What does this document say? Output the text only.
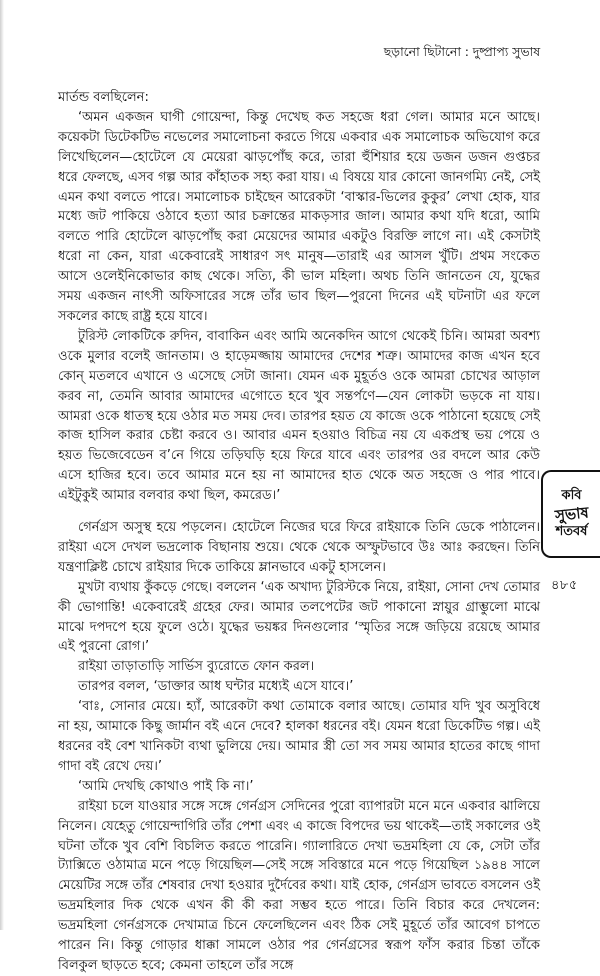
ছড়ানো ছিটানো : দুষ্প্রাপ্য সুভাষ

মার্তন্ড বলছিলেন:

‘অমন একজন ঘাগী গোয়েন্দা, কিন্তু দেখেছ কত সহজে ধরা গেল। আমার মনে আছে। কয়েকটা ডিটেকটিভ নভেলের সমালোচনা করতে গিয়ে একবার এক সমালোচক অভিযোগ করে লিখেছিলেন—হোটেলে যে মেয়েরা ঝাড়পোঁছ করে, তারা হুঁশিয়ার হয়ে ডজন ডজন গুপ্তচর ধরে ফেলছে, এসব গল্প আর কাঁহাতক সহ্য করা যায়। এ বিষয়ে যার কোনো জানগম্যি নেই, সেই এমন কথা বলতে পারে। সমালোচক চাইছেন আরেকটা ‘বাস্কার-ভিলের কুকুর’ লেখা হোক, যার মধ্যে জট পাকিয়ে ওঠাবে হত্যা আর চক্রান্তের মাকড়সার জাল। আমার কথা যদি ধরো, আমি বলতে পারি হোটেলে ঝাড়পোঁছ করা মেয়েদের আমার একটুও বিরক্তি লাগে না। এই কেসটাই ধরো না কেন, যারা একেবারেই সাধারণ সৎ মানুষ—তারাই এর আসল খুঁটি। প্রথম সংকেত আসে ওলেইনিকোভার কাছ থেকে। সত্যি, কী ভাল মহিলা। অথচ তিনি জানতেন যে, যুদ্ধের সময় একজন নাৎসী অফিসারের সঙ্গে তাঁর ভাব ছিল—পুরনো দিনের এই ঘটনাটা এর ফলে সকলের কাছে রাষ্ট্র হয়ে যাবে।

টুরিস্ট লোকটিকে রুদিন, বাবাকিন এবং আমি অনেকদিন আগে থেকেই চিনি। আমরা অবশ্য ওকে মুলার বলেই জানতাম। ও হাড়েমজ্জায় আমাদের দেশের শত্রু। আমাদের কাজ এখন হবে কোন্‌ মতলবে এখানে ও এসেছে সেটা জানা। যেমন এক মুহূর্তও ওকে আমরা চোখের আড়াল করব না, তেমনি আবার আমাদের এগোতে হবে খুব সন্তর্পণে—যেন লোকটা ভড়কে না যায়। আমরা ওকে ধাতস্থ হয়ে ওঠার মত সময় দেব। তারপর হয়ত যে কাজে ওকে পাঠানো হয়েছে সেই কাজ হাসিল করার চেষ্টা করবে ও। আবার এমন হওয়াও বিচিত্র নয় যে একপ্রস্থ ভয় পেয়ে ও হয়ত ভিজেবেডেন ব’নে গিয়ে তড়িঘড়ি হয়ে ফিরে যাবে এবং তারপর ওর বদলে আর কেউ এসে হাজির হবে। তবে আমার মনে হয় না আমাদের হাত থেকে অত সহজে ও পার পাবে। এইটুকুই আমার বলবার কথা ছিল, কমরেড।’

গের্নগ্রস অসুস্থ হয়ে পড়লেন। হোটেলে নিজের ঘরে ফিরে রাইয়াকে তিনি ডেকে পাঠালেন। রাইয়া এসে দেখল ভদ্রলোক বিছানায় শুয়ে। থেকে থেকে অস্ফুটভাবে উঃ আঃ করছেন। তিনি যন্ত্রণাক্লিষ্ট চোখে রাইয়ার দিকে তাকিয়ে ম্লানভাবে একটু হাসলেন।

মুখটা ব্যথায় কুঁকড়ে গেছে। বললেন ‘এক অখাদ্য টুরিস্টকে নিয়ে, রাইয়া, সোনা দেখ তোমার কী ভোগান্তি! একেবারেই গ্রহের ফের। আমার তলপেটের জট পাকানো স্নায়ুর গ্রাম্ভুলো মাঝে মাঝে দপদপে হয়ে ফুলে ওঠে। যুদ্ধের ভয়ঙ্কর দিনগুলোর ‘স্মৃতির সঙ্গে জড়িয়ে রয়েছে আমার এই পুরনো রোগ।’

রাইয়া তাড়াতাড়ি সার্ভিস ব্যুরোতে ফোন করল।

তারপর বলল, ‘ডাক্তার আধ ঘন্টার মধ্যেই এসে যাবে।’

‘বাঃ, সোনার মেয়ে। হ্যাঁ, আরেকটা কথা তোমাকে বলার আছে। তোমার যদি খুব অসুবিধে না হয়, আমাকে কিছু জার্মান বই এনে দেবে? হালকা ধরনের বই। যেমন ধরো ডিকেটিভ গল্প। এই ধরনের বই বেশ খানিকটা ব্যথা ভুলিয়ে দেয়। আমার স্ত্রী তো সব সময় আমার হাতের কাছে গাদা গাদা বই রেখে দেয়।’

‘আমি দেখছি কোথাও পাই কি না।’

রাইয়া চলে যাওয়ার সঙ্গে সঙ্গে গের্নগ্রস সেদিনের পুরো ব্যাপারটা মনে মনে একবার ঝালিয়ে নিলেন। যেহেতু গোয়েন্দাগিরি তাঁর পেশা এবং এ কাজে বিপদের ভয় থাকেই—তাই সকালের ওই ঘটনা তাঁকে খুব বেশি বিচলিত করতে পারেনি। গ্যালারিতে দেখা ভদ্রমহিলা যে কে, সেটা তাঁর ট্যাক্সিতে ওঠামাত্র মনে পড়ে গিয়েছিল—সেই সঙ্গে সবিস্তারে মনে পড়ে গিয়েছিল ১৯৪৪ সালে মেয়েটির সঙ্গে তাঁর শেষবার দেখা হওয়ার দুর্দৈবের কথা। যাই হোক, গের্নগ্রস ভাবতে বসলেন ওই ভদ্রমহিলার দিক থেকে এখন কী কী করা সম্ভব হতে পারে। তিনি বিচার করে দেখলেন: ভদ্রমহিলা গের্নগ্রসকে দেখামাত্র চিনে ফেলেছিলেন এবং ঠিক সেই মুহূর্তে তাঁর আবেগ চাপতে পারেন নি। কিন্তু গোড়ার ধাক্কা সামলে ওঠার পর গের্নগ্রসের স্বরূপ ফাঁস করার চিন্তা তাঁকে বিলকুল ছাড়তে হবে; কেমনা তাহলে তাঁর সঙ্গে

কবি
সুভাষ
শতবর্ষ
৪৮৫
